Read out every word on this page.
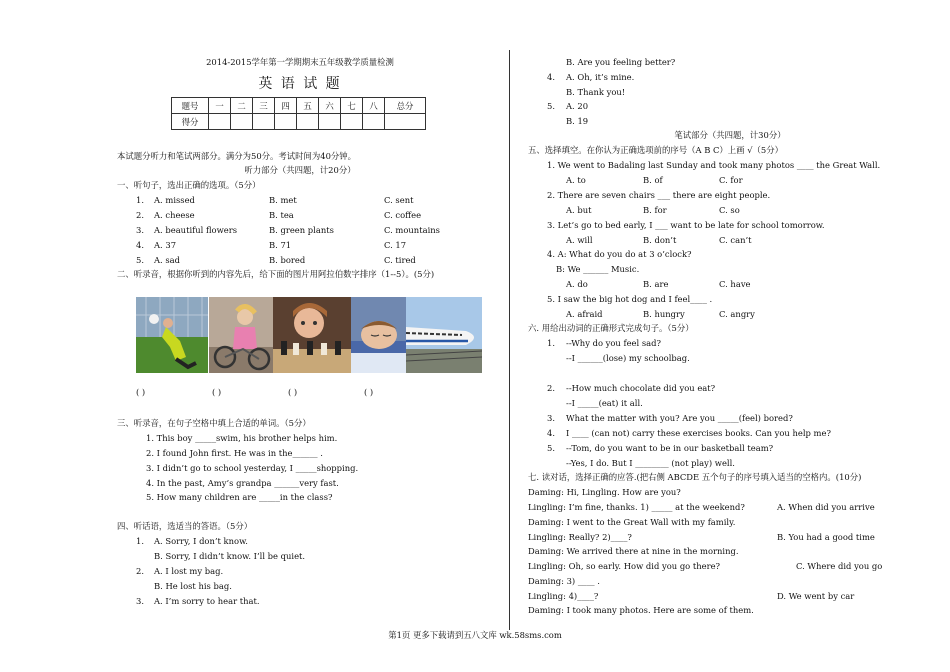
2014-2015学年第一学期期末五年级教学质量检测
英 语 试 题
题号	一	二	三	四	五	六	七	八	总分
得分									
本试题分听力和笔试两部分。满分为50分。考试时间为40分钟。
听力部分（共四题，计20分）
一、听句子，选出正确的选项。（5分）
1. A. missed	B. met	C. sent
2. A. cheese	B. tea	C. coffee
3. A. beautiful flowers	B. green plants	C. mountains
4. A. 37	B. 71	C. 17
5. A. sad	B. bored	C. tired
二、听录音，根据你听到的内容先后，给下面的图片用阿拉伯数字排序（1--5）。(5分)
( )	( )	( )	( )
三、听录音，在句子空格中填上合适的单词。（5分）
1. This boy _____swim, his brother helps him.
2. I found John first. He was in the______ .
3. I didn’t go to school yesterday, I _____shopping.
4. In the past, Amy’s grandpa ______very fast.
5. How many children are _____in the class?
四、听话语，选适当的答语。（5分）
1. A. Sorry, I don’t know.
B. Sorry, I didn’t know. I’ll be quiet.
2. A. I lost my bag.
B. He lost his bag.
3. A. I’m sorry to hear that.
B. Are you feeling better?
4. A. Oh, it’s mine.
B. Thank you!
5. A. 20
B. 19
笔试部分（共四题，计30分）
五、选择填空。在你认为正确选项前的序号（A B C）上画 √（5分）
1. We went to Badaling last Sunday and took many photos ____ the Great Wall.
A. to	B. of	C. for
2. There are seven chairs ___ there are eight people.
A. but	B. for	C. so
3. Let’s go to bed early, I ___ want to be late for school tomorrow.
A. will	B. don’t	C. can’t
4. A: What do you do at 3 o’clock?
B: We ______ Music.
A. do	B. are	C. have
5. I saw the big hot dog and I feel____ .
A. afraid	B. hungry	C. angry
六. 用给出动词的正确形式完成句子。（5分）
1. --Why do you feel sad?
--I ______(lose) my schoolbag.
2. --How much chocolate did you eat?
--I _____(eat) it all.
3. What the matter with you? Are you _____(feel) bored?
4. I ____ (can not) carry these exercises books. Can you help me?
5. --Tom, do you want to be in our basketball team?
--Yes, I do. But I ________ (not play) well.
七. 读对话，选择正确的应答.(把右侧 ABCDE 五个句子的序号填入适当的空格内。(10分)
Daming: Hi, Lingling. How are you?
Lingling: I’m fine, thanks. 1) _____ at the weekend?
Daming: I went to the Great Wall with my family.
Lingling: Really? 2)____?
Daming: We arrived there at nine in the morning.
Lingling: Oh, so early. How did you go there?
Daming: 3) ____ .
Lingling: 4)____?
Daming: I took many photos. Here are some of them.
A. When did you arrive
B. You had a good time
C. Where did you go
D. We went by car
第1页 更多下载请到五八文库 wk.58sms.com
